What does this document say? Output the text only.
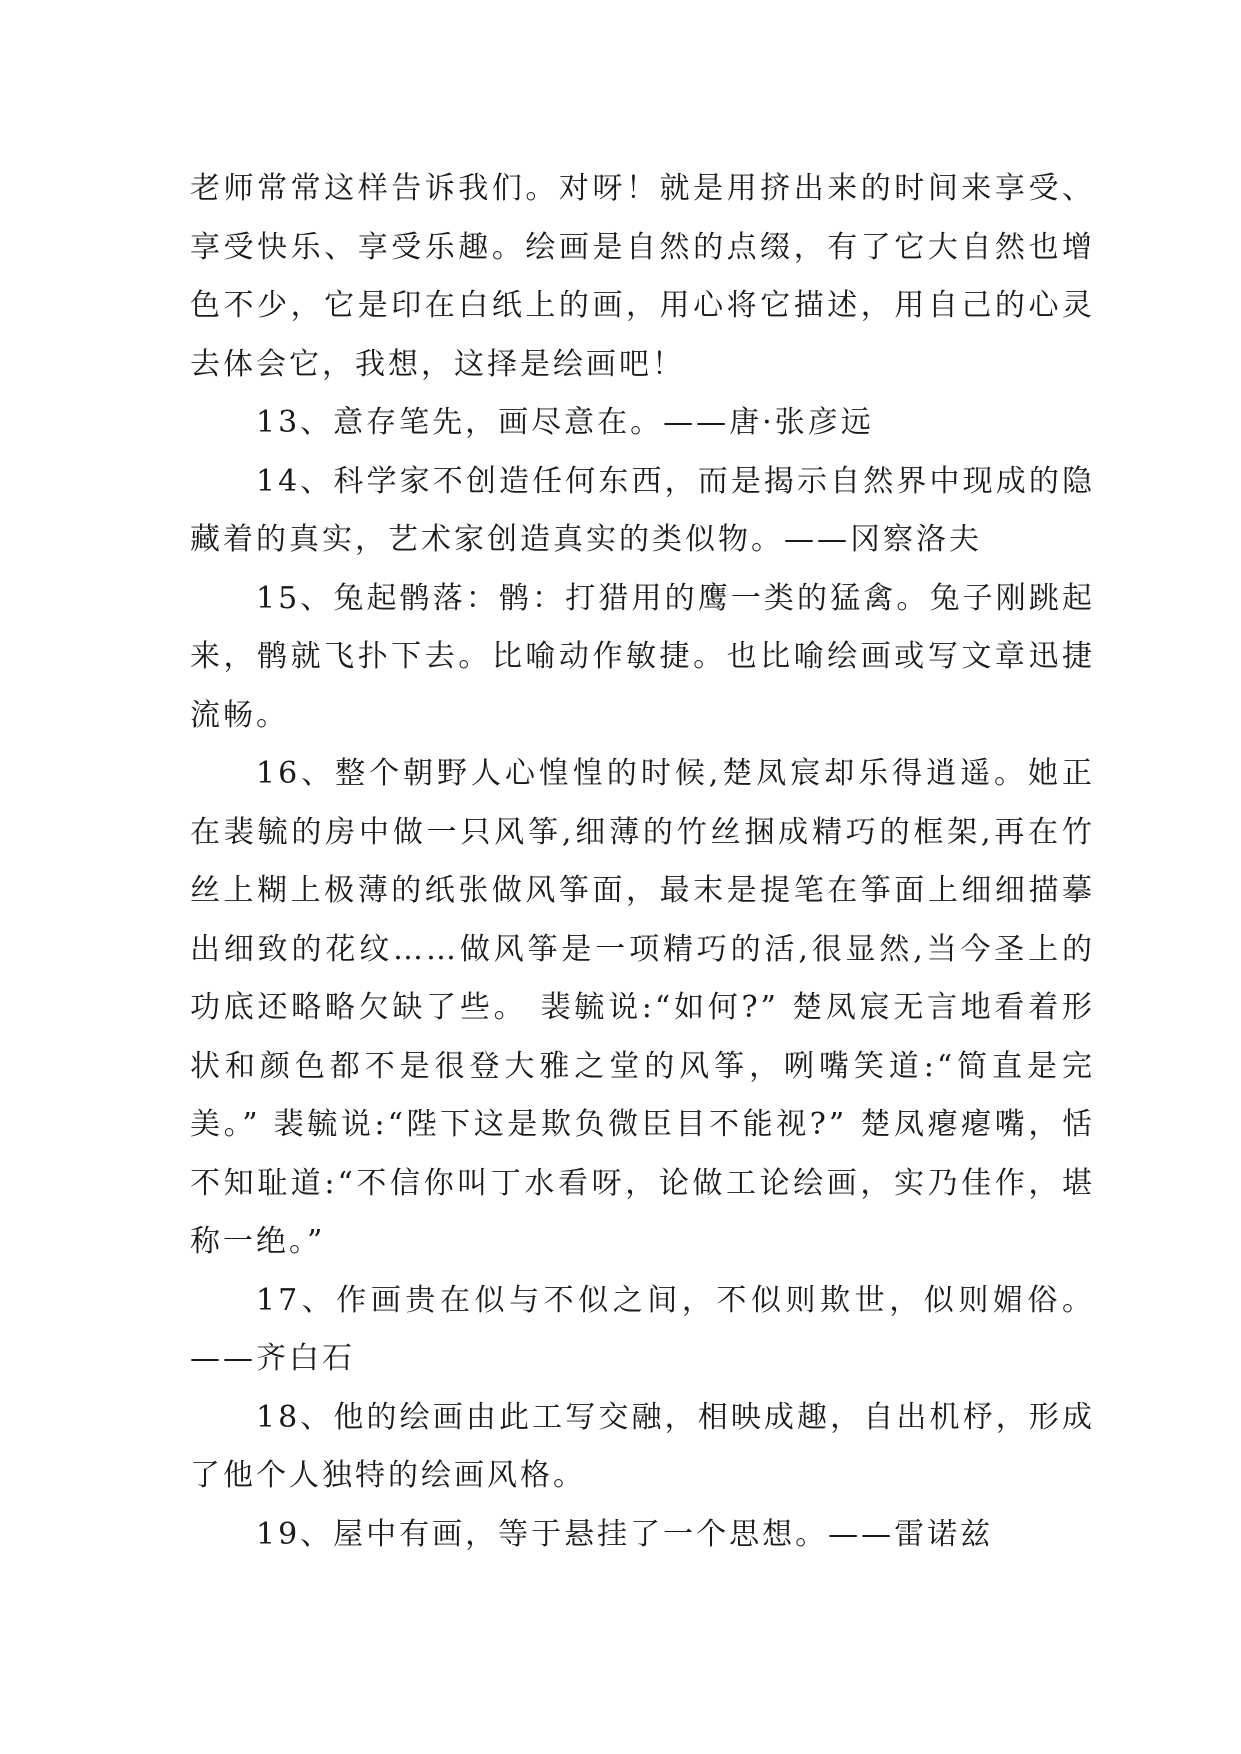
老师常常这样告诉我们。对呀！就是用挤出来的时间来享受、享受快乐、享受乐趣。绘画是自然的点缀，有了它大自然也增色不少，它是印在白纸上的画，用心将它描述，用自己的心灵去体会它，我想，这择是绘画吧！

13、意存笔先，画尽意在。——唐·张彦远

14、科学家不创造任何东西，而是揭示自然界中现成的隐藏着的真实，艺术家创造真实的类似物。——冈察洛夫

15、兔起鹘落：鹘：打猎用的鹰一类的猛禽。兔子刚跳起来，鹘就飞扑下去。比喻动作敏捷。也比喻绘画或写文章迅捷流畅。

16、整个朝野人心惶惶的时候,楚凤宸却乐得逍遥。她正在裴毓的房中做一只风筝,细薄的竹丝捆成精巧的框架,再在竹丝上糊上极薄的纸张做风筝面，最末是提笔在筝面上细细描摹出细致的花纹……做风筝是一项精巧的活,很显然,当今圣上的功底还略略欠缺了些。 裴毓说:“如何?” 楚凤宸无言地看着形状和颜色都不是很登大雅之堂的风筝，咧嘴笑道:“简直是完美。” 裴毓说:“陛下这是欺负微臣目不能视?” 楚凤瘪瘪嘴，恬不知耻道:“不信你叫丁水看呀，论做工论绘画，实乃佳作，堪称一绝。”

17、作画贵在似与不似之间，不似则欺世，似则媚俗。——齐白石

18、他的绘画由此工写交融，相映成趣，自出机杼，形成了他个人独特的绘画风格。

19、屋中有画，等于悬挂了一个思想。——雷诺兹
